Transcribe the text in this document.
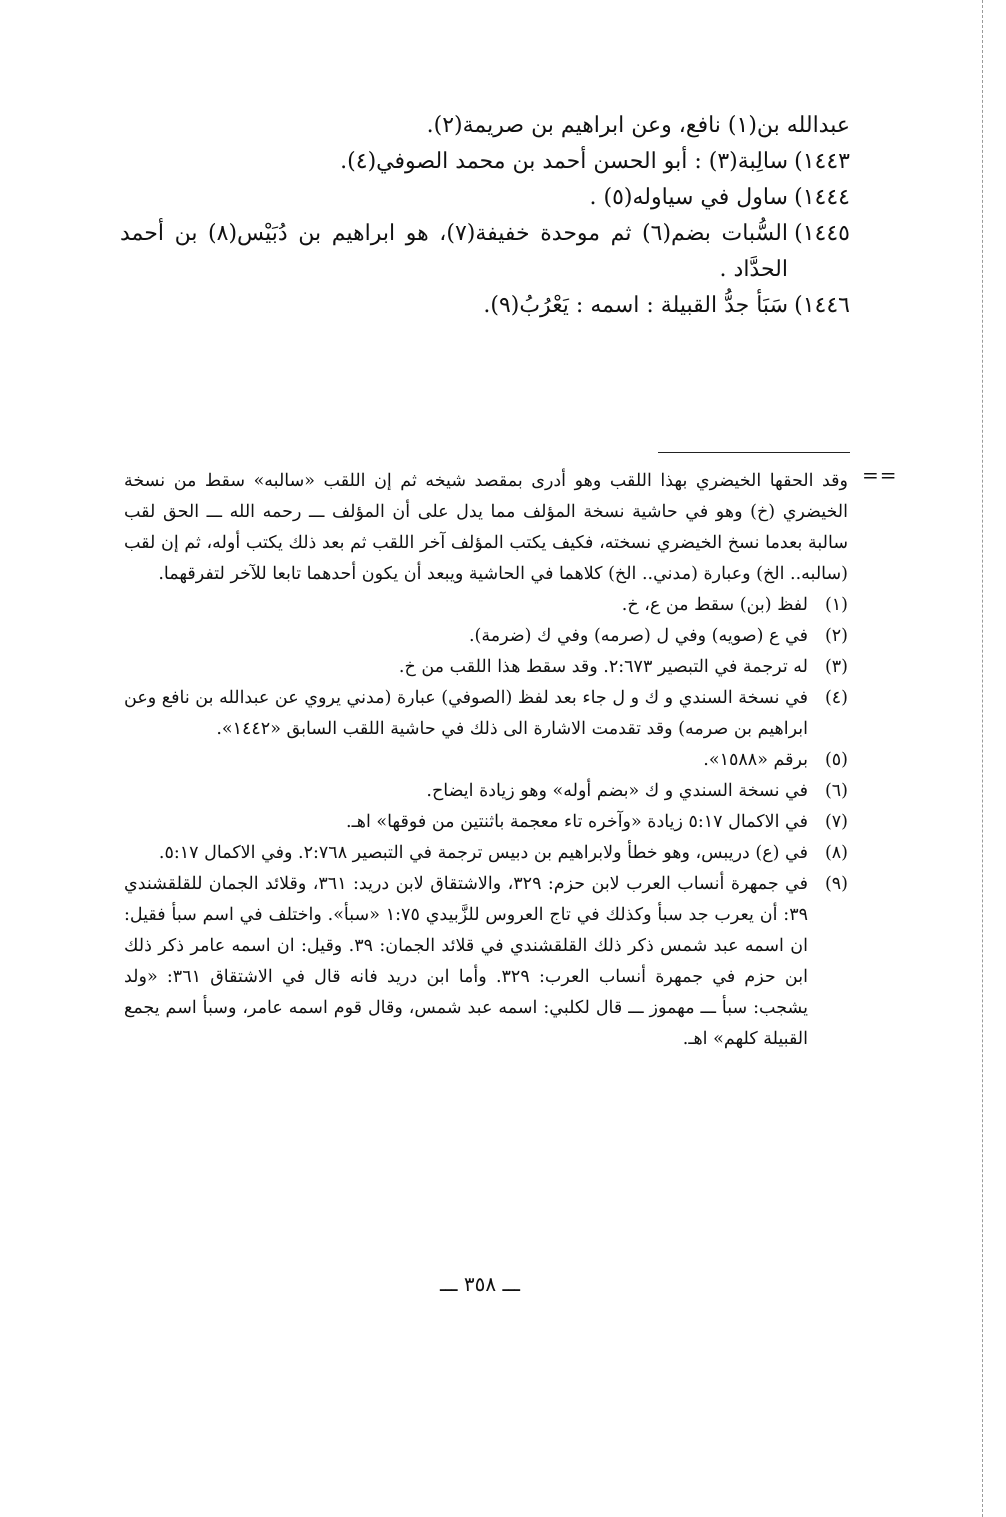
عبدالله بن(١) نافع، وعن ابراهيم بن صريمة(٢).

١٤٤٣)
سالِبة(٣) : أبو الحسن أحمد بن محمد الصوفي(٤).
١٤٤٤)
ساول في سياوله(٥) .
١٤٤٥)
السُّبات بضم(٦) ثم موحدة خفيفة(٧)، هو ابراهيم بن دُبَيْس(٨) بن أحمد الحدَّاد .
١٤٤٦)
سَبَأ جدُّ القبيلة : اسمه : يَعْرُبُ(٩).
==

وقد الحقها الخيضري بهذا اللقب وهو أدرى بمقصد شيخه ثم إن اللقب «سالبه» سقط من نسخة الخيضري (خ) وهو في حاشية نسخة المؤلف مما يدل على أن المؤلف ـــ رحمه الله ـــ الحق لقب سالبة بعدما نسخ الخيضري نسخته، فكيف يكتب المؤلف آخر اللقب ثم بعد ذلك يكتب أوله، ثم إن لقب (سالبه.. الخ) وعبارة (مدني.. الخ) كلاهما في الحاشية ويبعد أن يكون أحدهما تابعا للآخر لتفرقهما.

(١)
لفظ (بن) سقط من ع، خ.
(٢)
في ع (صويه) وفي ل (صرمه) وفي ك (ضرمة).
(٣)
له ترجمة في التبصير ٢:٦٧٣. وقد سقط هذا اللقب من خ.
(٤)
في نسخة السندي و ك و ل جاء بعد لفظ (الصوفي) عبارة (مدني يروي عن عبدالله بن نافع وعن ابراهيم بن صرمه) وقد تقدمت الاشارة الى ذلك في حاشية اللقب السابق «١٤٤٢».
(٥)
برقم «١٥٨٨».
(٦)
في نسخة السندي و ك «بضم أوله» وهو زيادة ايضاح.
(٧)
في الاكمال ٥:١٧ زيادة «وآخره تاء معجمة باثنتين من فوقها» اهـ.
(٨)
في (ع) دريبس، وهو خطأ ولابراهيم بن دبيس ترجمة في التبصير ٢:٧٦٨. وفي الاكمال ٥:١٧.
(٩)
في جمهرة أنساب العرب لابن حزم: ٣٢٩، والاشتقاق لابن دريد: ٣٦١، وقلائد الجمان للقلقشندي ٣٩: أن يعرب جد سبأ وكذلك في تاج العروس للزَّبيدي ١:٧٥ «سبأ». واختلف في اسم سبأ فقيل: ان اسمه عبد شمس ذكر ذلك القلقشندي في قلائد الجمان: ٣٩. وقيل: ان اسمه عامر ذكر ذلك ابن حزم في جمهرة أنساب العرب: ٣٢٩. وأما ابن دريد فانه قال في الاشتقاق ٣٦١: «ولد يشجب: سبأ ـــ مهموز ـــ قال لكلبي: اسمه عبد شمس، وقال قوم اسمه عامر، وسبأ اسم يجمع القبيلة كلهم» اهـ.
ـــ ٣٥٨ ـــ
